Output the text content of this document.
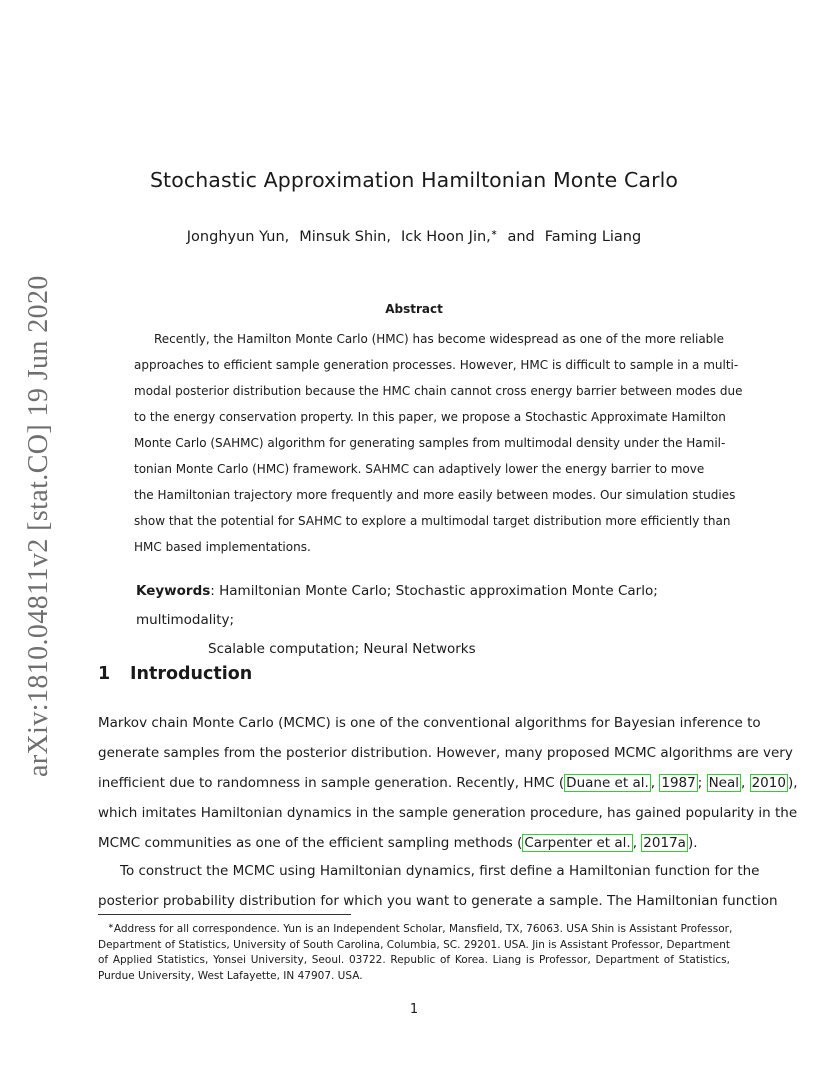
arXiv:1810.04811v2 [stat.CO] 19 Jun 2020
Stochastic Approximation Hamiltonian Monte Carlo
Jonghyun Yun, Minsuk Shin, Ick Hoon Jin,∗ and Faming Liang
Abstract
Recently, the Hamilton Monte Carlo (HMC) has become widespread as one of the more reliable
approaches to efficient sample generation processes. However, HMC is difficult to sample in a multi-
modal posterior distribution because the HMC chain cannot cross energy barrier between modes due
to the energy conservation property. In this paper, we propose a Stochastic Approximate Hamilton
Monte Carlo (SAHMC) algorithm for generating samples from multimodal density under the Hamil-
tonian Monte Carlo (HMC) framework. SAHMC can adaptively lower the energy barrier to move
the Hamiltonian trajectory more frequently and more easily between modes. Our simulation studies
show that the potential for SAHMC to explore a multimodal target distribution more efficiently than
HMC based implementations.
Keywords: Hamiltonian Monte Carlo; Stochastic approximation Monte Carlo; multimodality;
Scalable computation; Neural Networks
1 Introduction
Markov chain Monte Carlo (MCMC) is one of the conventional algorithms for Bayesian inference to
generate samples from the posterior distribution. However, many proposed MCMC algorithms are very
inefficient due to randomness in sample generation. Recently, HMC ( Duane et al. , 1987 ; Neal , 2010 ),
which imitates Hamiltonian dynamics in the sample generation procedure, has gained popularity in the
MCMC communities as one of the efficient sampling methods ( Carpenter et al. , 2017a ).
To construct the MCMC using Hamiltonian dynamics, first define a Hamiltonian function for the
posterior probability distribution for which you want to generate a sample. The Hamiltonian function
∗Address for all correspondence. Yun is an Independent Scholar, Mansfield, TX, 76063. USA Shin is Assistant Professor,
Department of Statistics, University of South Carolina, Columbia, SC. 29201. USA. Jin is Assistant Professor, Department
of Applied Statistics, Yonsei University, Seoul. 03722. Republic of Korea. Liang is Professor, Department of Statistics,
Purdue University, West Lafayette, IN 47907. USA.
1
